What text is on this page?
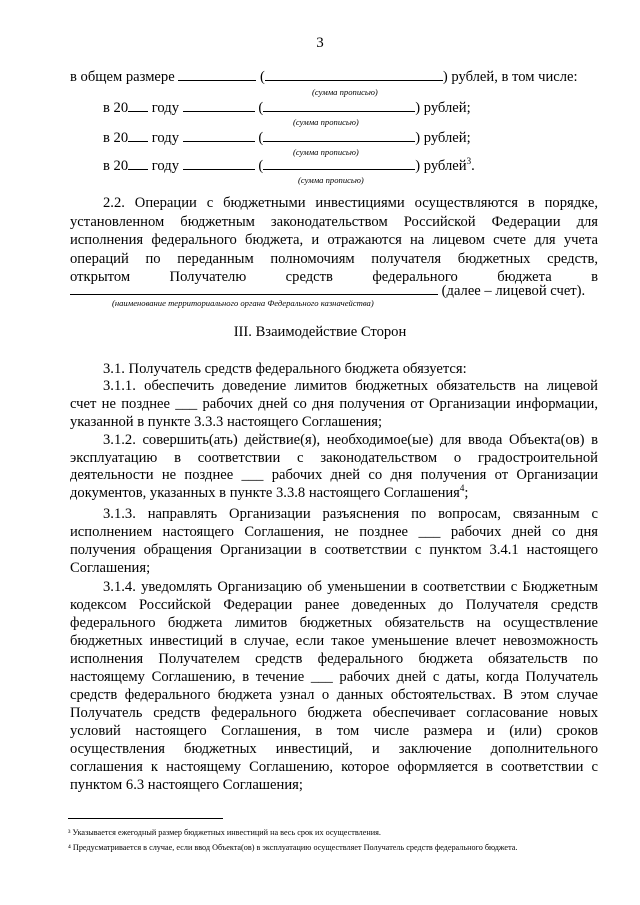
3
в общем размере	(	) рублей, в том числе:
(сумма прописью)
в 20 году	(	) рублей;
(сумма прописью)
в 20 году	(	) рублей;
(сумма прописью)
в 20 году	(	) рублей$^3$.
(сумма прописью)
2.2. Операции с бюджетными инвестициями осуществляются в порядке,
установленном бюджетным законодательством Российской Федерации для
исполнения федерального бюджета, и отражаются на лицевом счете для учета
операций по переданным полномочиям получателя бюджетных средств,
открытом Получателю средств федерального бюджета в
(далее – лицевой счет).
(наименование территориального органа Федерального казначейства)
III. Взаимодействие Сторон
3.1. Получатель средств федерального бюджета обязуется:
3.1.1. обеспечить доведение лимитов бюджетных обязательств на лицевой
счет не позднее ___ рабочих дней со дня получения от Организации информации,
указанной в пункте 3.3.3 настоящего Соглашения;
3.1.2. совершить(ать) действие(я), необходимое(ые) для ввода Объекта(ов) в
эксплуатацию в соответствии с законодательством о градостроительной
деятельности не позднее ___ рабочих дней со дня получения от Организации
документов, указанных в пункте 3.3.8 настоящего Соглашения$^4$;
3.1.3. направлять Организации разъяснения по вопросам, связанным с
исполнением настоящего Соглашения, не позднее ___ рабочих дней со дня
получения обращения Организации в соответствии с пунктом 3.4.1 настоящего
Соглашения;
3.1.4. уведомлять Организацию об уменьшении в соответствии с Бюджетным
кодексом Российской Федерации ранее доведенных до Получателя средств
федерального бюджета лимитов бюджетных обязательств на осуществление
бюджетных инвестиций в случае, если такое уменьшение влечет невозможность
исполнения Получателем средств федерального бюджета обязательств по
настоящему Соглашению, в течение ___ рабочих дней с даты, когда Получатель
средств федерального бюджета узнал о данных обстоятельствах. В этом случае
Получатель средств федерального бюджета обеспечивает согласование новых
условий настоящего Соглашения, в том числе размера и (или) сроков
осуществления бюджетных инвестиций, и заключение дополнительного
соглашения к настоящему Соглашению, которое оформляется в соответствии с
пунктом 6.3 настоящего Соглашения;
³ Указывается ежегодный размер бюджетных инвестиций на весь срок их осуществления.
⁴ Предусматривается в случае, если ввод Объекта(ов) в эксплуатацию осуществляет Получатель средств федерального бюджета.
